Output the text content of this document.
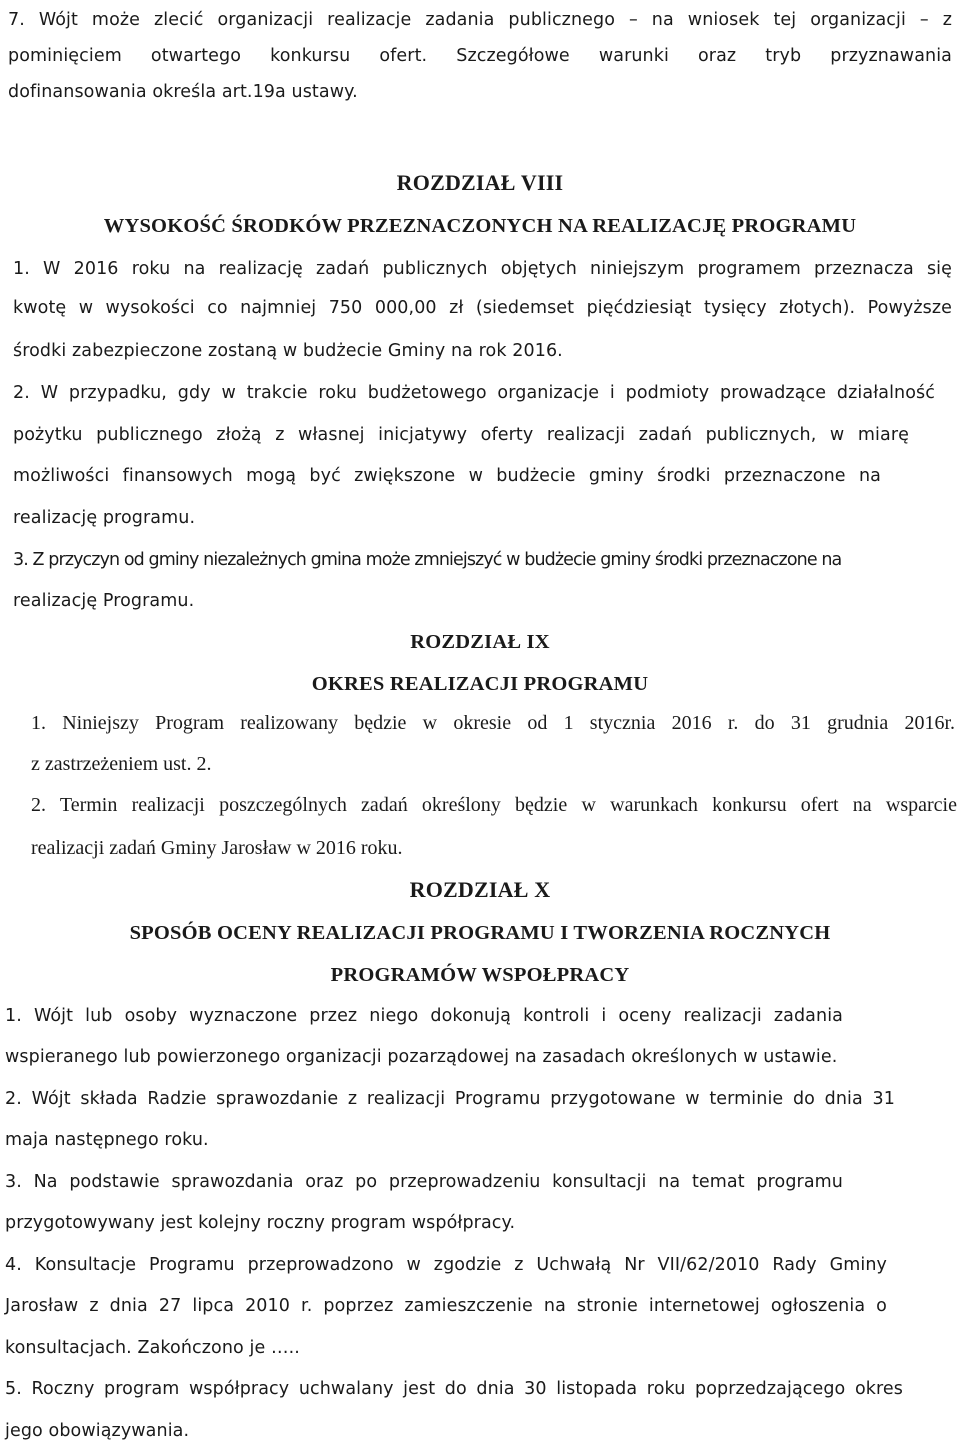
7. Wójt może zlecić organizacji realizacje zadania publicznego – na wniosek tej organizacji – z

pominięciem otwartego konkursu ofert. Szczegółowe warunki oraz tryb przyznawania

dofinansowania określa art.19a ustawy.

ROZDZIAŁ VIII
WYSOKOŚĆ ŚRODKÓW PRZEZNACZONYCH NA REALIZACJĘ PROGRAMU

1. W 2016 roku na realizację zadań publicznych objętych niniejszym programem przeznacza się

kwotę w wysokości co najmniej 750 000,00 zł (siedemset pięćdziesiąt tysięcy złotych). Powyższe

środki zabezpieczone zostaną w budżecie Gminy na rok 2016.

2. W przypadku, gdy w trakcie roku budżetowego organizacje i podmioty prowadzące działalność

pożytku publicznego złożą z własnej inicjatywy oferty realizacji zadań publicznych, w miarę

możliwości finansowych mogą być zwiększone w budżecie gminy środki przeznaczone na

realizację programu.

3. Z przyczyn od gminy niezależnych gmina może zmniejszyć w budżecie gminy środki przeznaczone na

realizację Programu.

ROZDZIAŁ IX
OKRES REALIZACJI PROGRAMU

1. Niniejszy Program realizowany będzie w okresie od 1 stycznia 2016 r. do 31 grudnia 2016r.

z zastrzeżeniem ust. 2.

2. Termin realizacji poszczególnych zadań określony będzie w warunkach konkursu ofert na wsparcie

realizacji zadań Gminy Jarosław w 2016 roku.

ROZDZIAŁ X
SPOSÓB OCENY REALIZACJI PROGRAMU I TWORZENIA ROCZNYCH
PROGRAMÓW WSPOŁPRACY

1. Wójt lub osoby wyznaczone przez niego dokonują kontroli i oceny realizacji zadania

wspieranego lub powierzonego organizacji pozarządowej na zasadach określonych w ustawie.

2. Wójt składa Radzie sprawozdanie z realizacji Programu przygotowane w terminie do dnia 31

maja następnego roku.

3. Na podstawie sprawozdania oraz po przeprowadzeniu konsultacji na temat programu

przygotowywany jest kolejny roczny program współpracy.

4. Konsultacje Programu przeprowadzono w zgodzie z Uchwałą Nr VII/62/2010 Rady Gminy

Jarosław z dnia 27 lipca 2010 r. poprzez zamieszczenie na stronie internetowej ogłoszenia o

konsultacjach. Zakończono je …..

5. Roczny program współpracy uchwalany jest do dnia 30 listopada roku poprzedzającego okres

jego obowiązywania.
